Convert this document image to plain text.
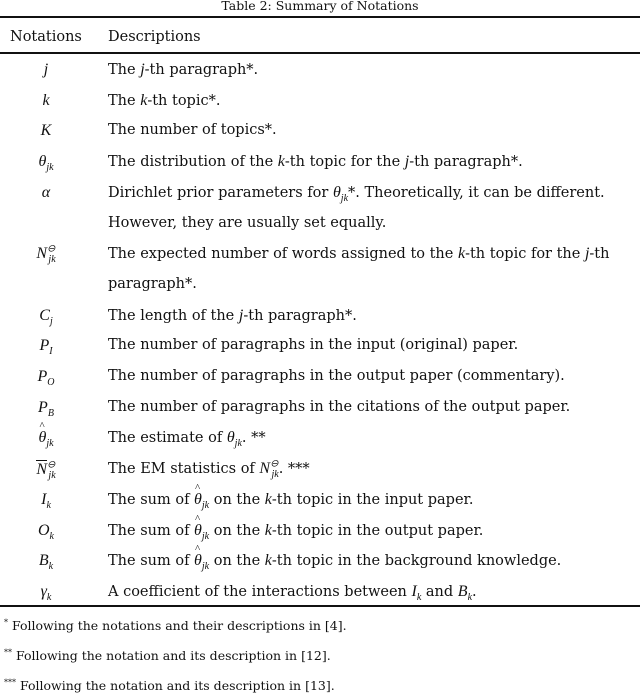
Table 2: Summary of Notations
Notations Descriptions
j	The j-th paragraph*.
k	The k-th topic*.
K	The number of topics*.
$\theta_{jk}$	The distribution of the k-th topic for the j-th paragraph*.
α	Dirichlet prior parameters for $\theta_{jk}*$. Theoretically, it can be different.
However, they are usually set equally.
$N^⊖_{jk}$	The expected number of words assigned to the k-th topic for the j-th
paragraph*.
$C_j$	The length of the j-th paragraph*.
$P_I$	The number of paragraphs in the input (original) paper.
$P_O$	The number of paragraphs in the output paper (commentary).
$P_B$	The number of paragraphs in the citations of the output paper.
^ $\theta_{jk}$	The estimate of $\theta_{jk}$. **
$N^⊖_{jk}$	The EM statistics of $N^⊖_{jk}$. ***
$I_k$	The sum of ^ $\theta_{jk}$ on the k-th topic in the input paper.
$O_k$	The sum of ^ $\theta_{jk}$ on the k-th topic in the output paper.
$B_k$	The sum of ^ $\theta_{jk}$ on the k-th topic in the background knowledge.
$\gamma_k$	A coefficient of the interactions between $I_k$ and $B_k$.
* Following the notations and their descriptions in [4].
** Following the notation and its description in [12].
*** Following the notation and its description in [13].
